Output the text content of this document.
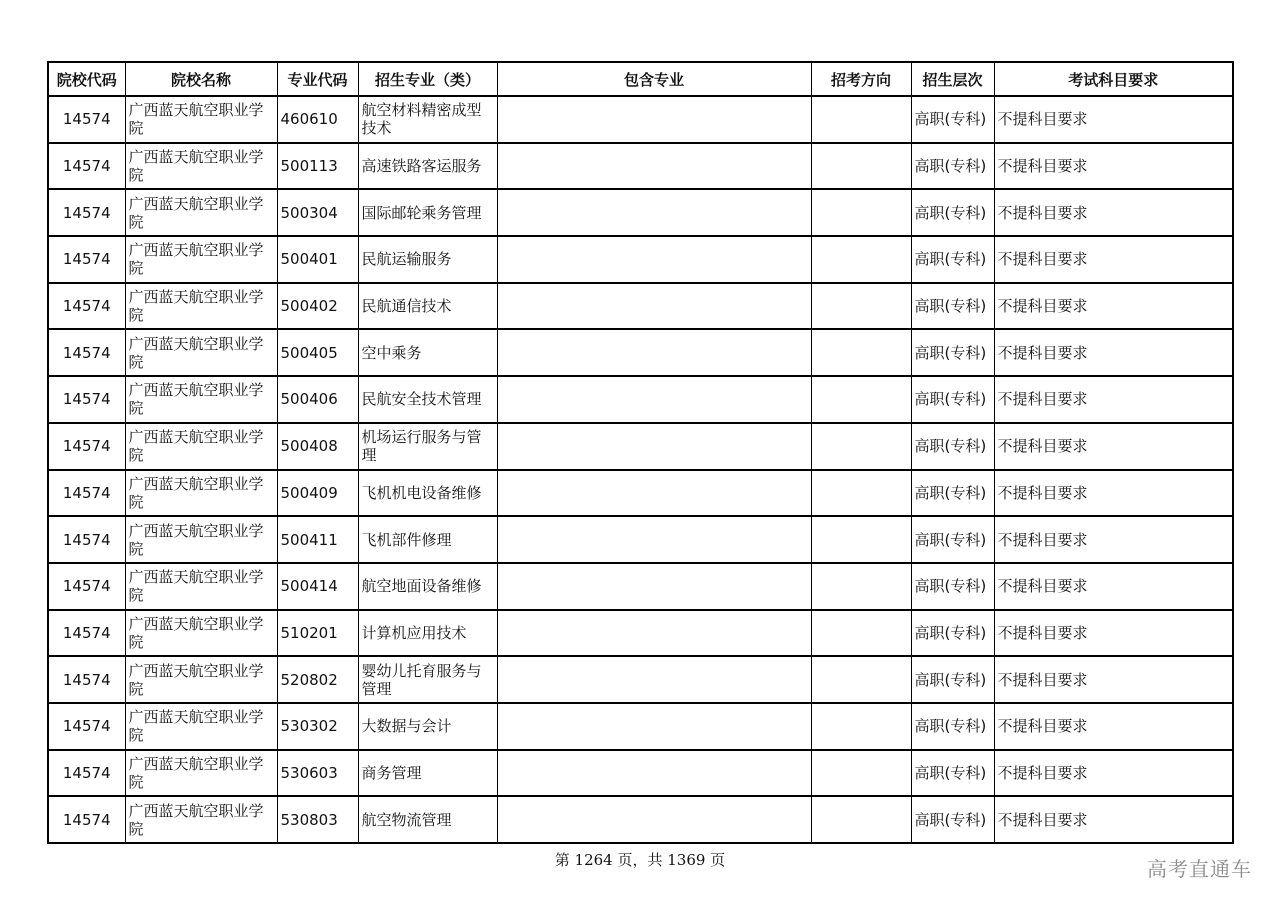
院校代码	院校名称	专业代码	招生专业（类）	包含专业	招考方向	招生层次	考试科目要求
14574	广西蓝天航空职业学院	460610	航空材料精密成型技术			高职(专科)	不提科目要求
14574	广西蓝天航空职业学院	500113	高速铁路客运服务			高职(专科)	不提科目要求
14574	广西蓝天航空职业学院	500304	国际邮轮乘务管理			高职(专科)	不提科目要求
14574	广西蓝天航空职业学院	500401	民航运输服务			高职(专科)	不提科目要求
14574	广西蓝天航空职业学院	500402	民航通信技术			高职(专科)	不提科目要求
14574	广西蓝天航空职业学院	500405	空中乘务			高职(专科)	不提科目要求
14574	广西蓝天航空职业学院	500406	民航安全技术管理			高职(专科)	不提科目要求
14574	广西蓝天航空职业学院	500408	机场运行服务与管理			高职(专科)	不提科目要求
14574	广西蓝天航空职业学院	500409	飞机机电设备维修			高职(专科)	不提科目要求
14574	广西蓝天航空职业学院	500411	飞机部件修理			高职(专科)	不提科目要求
14574	广西蓝天航空职业学院	500414	航空地面设备维修			高职(专科)	不提科目要求
14574	广西蓝天航空职业学院	510201	计算机应用技术			高职(专科)	不提科目要求
14574	广西蓝天航空职业学院	520802	婴幼儿托育服务与管理			高职(专科)	不提科目要求
14574	广西蓝天航空职业学院	530302	大数据与会计			高职(专科)	不提科目要求
14574	广西蓝天航空职业学院	530603	商务管理			高职(专科)	不提科目要求
14574	广西蓝天航空职业学院	530803	航空物流管理			高职(专科)	不提科目要求
第 1264 页，共 1369 页	高考直通车
